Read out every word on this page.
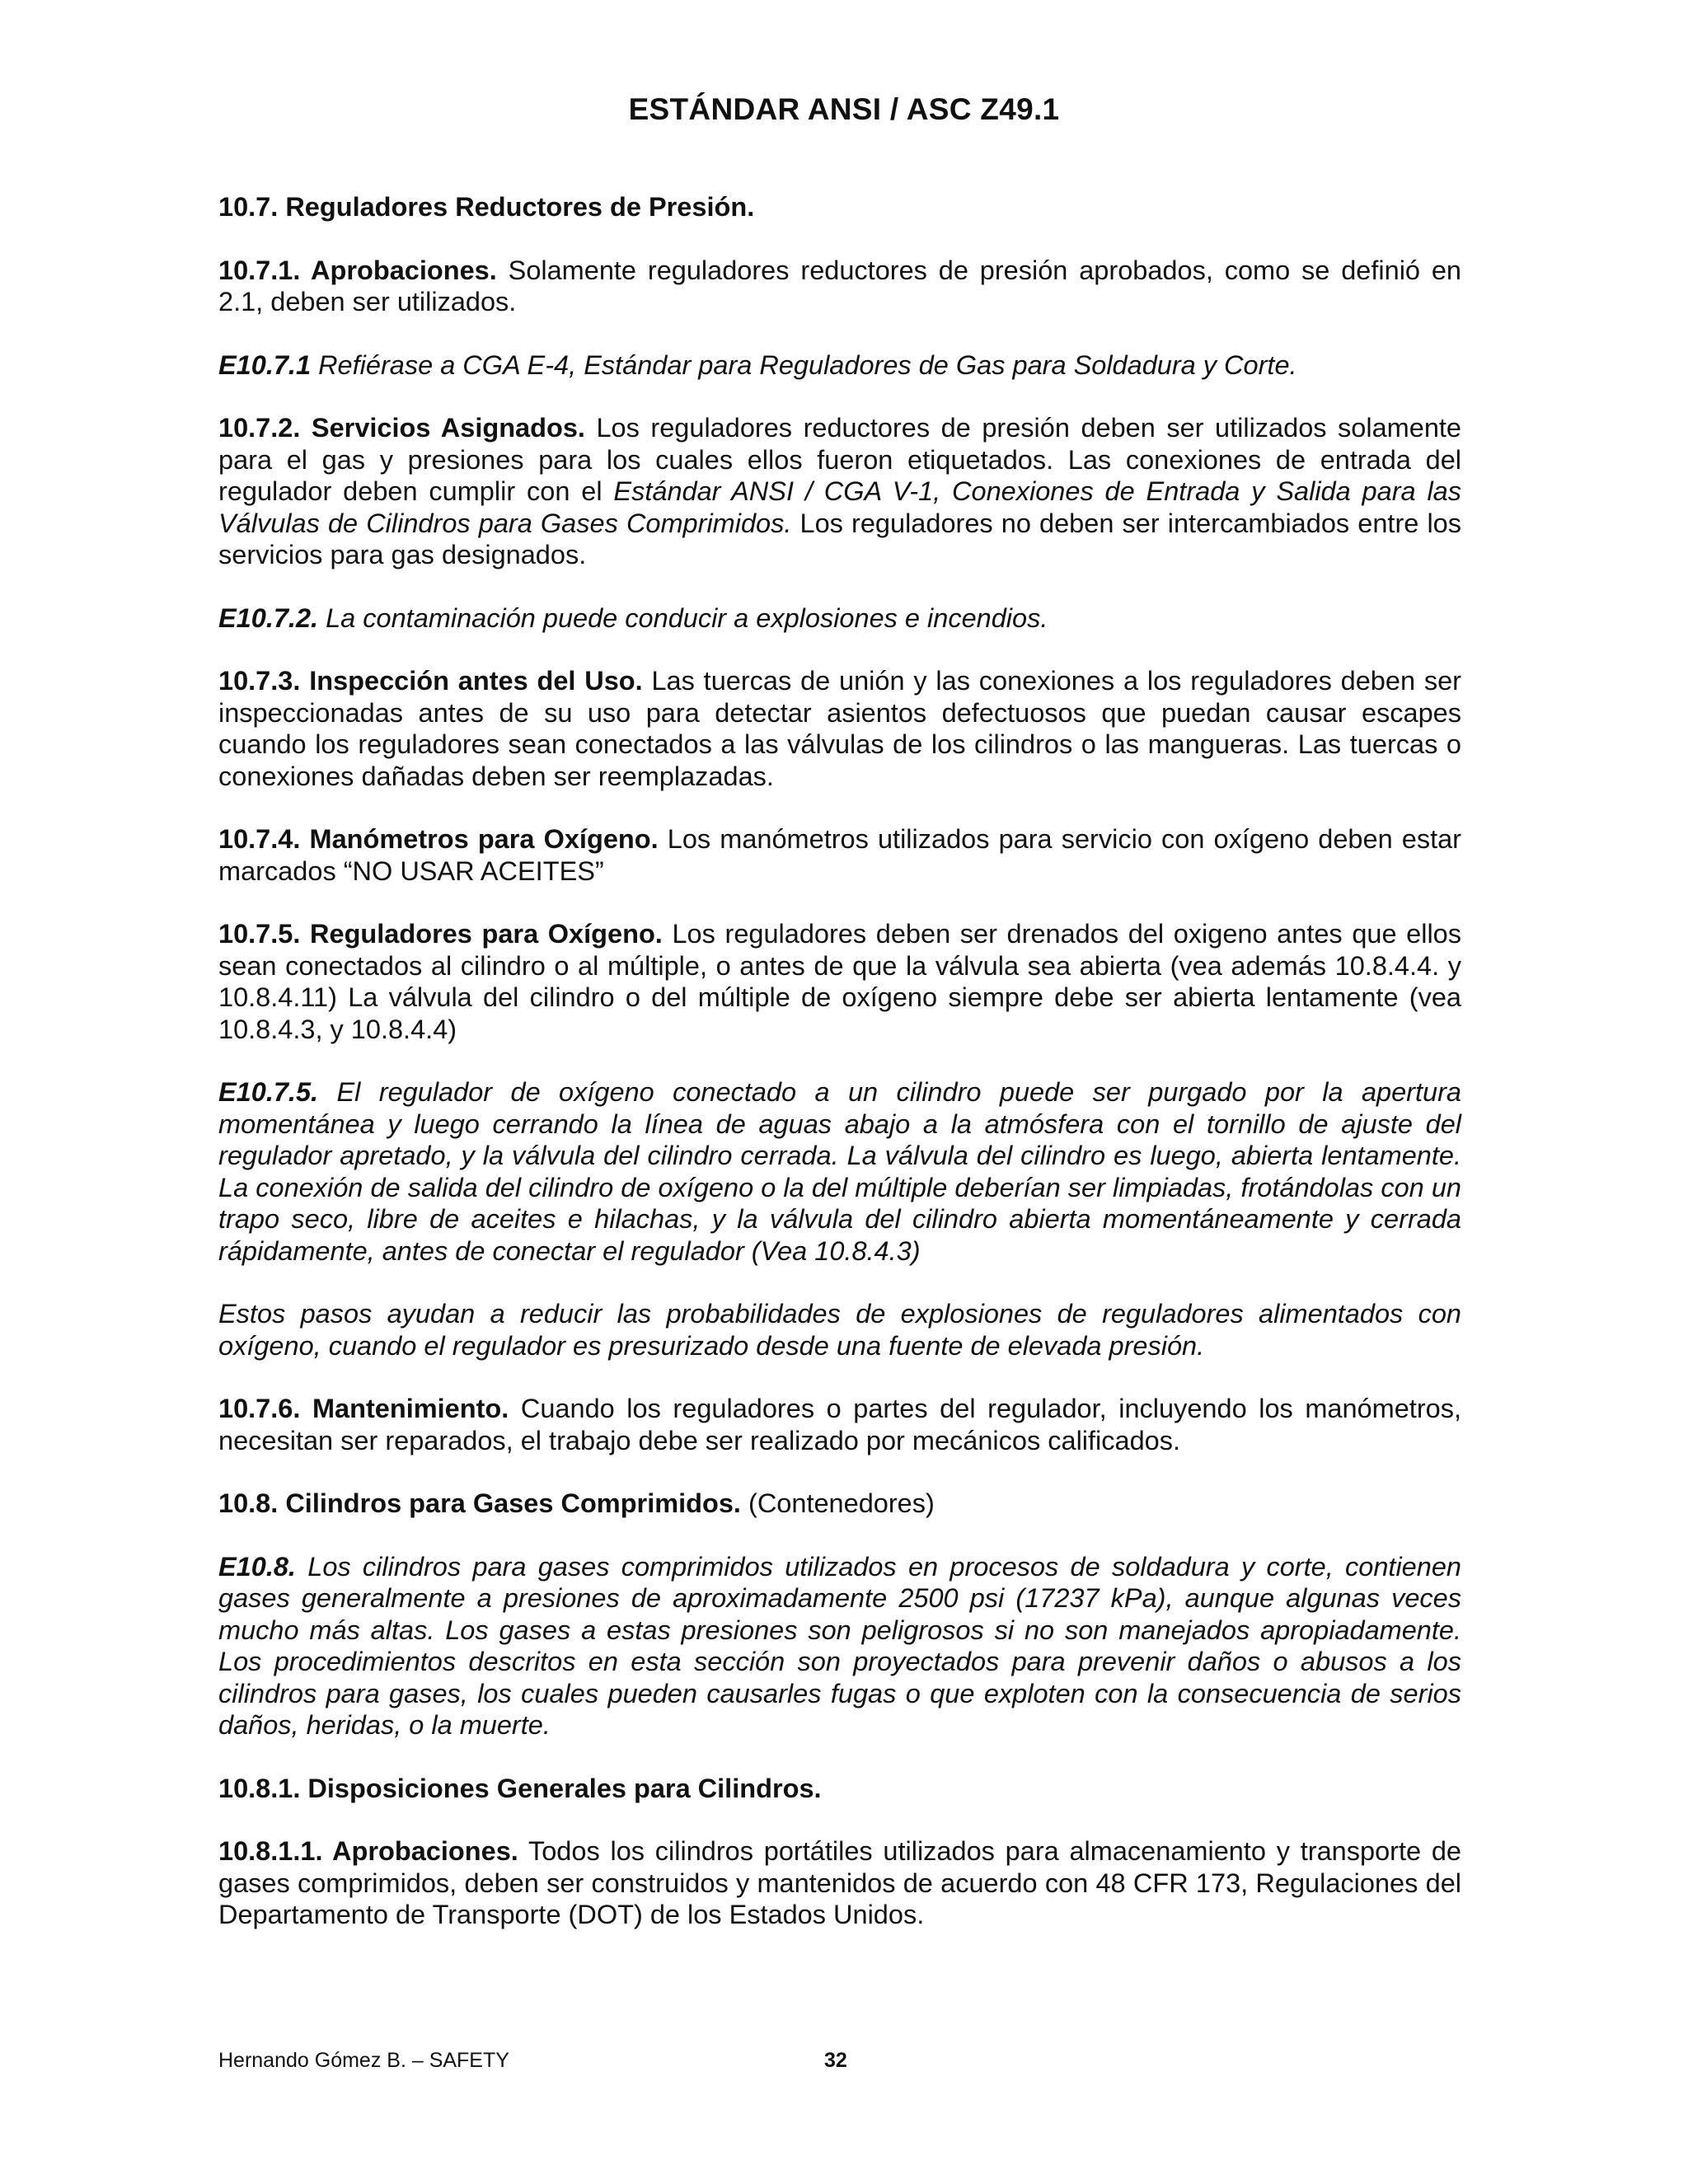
ESTÁNDAR ANSI / ASC Z49.1

10.7. Reguladores Reductores de Presión.

10.7.1. Aprobaciones. Solamente reguladores reductores de presión aprobados, como se definió en 2.1, deben ser utilizados.

E10.7.1 Refiérase a CGA E-4, Estándar para Reguladores de Gas para Soldadura y Corte.

10.7.2. Servicios Asignados. Los reguladores reductores de presión deben ser utilizados solamente para el gas y presiones para los cuales ellos fueron etiquetados. Las conexiones de entrada del regulador deben cumplir con el Estándar ANSI / CGA V-1, Conexiones de Entrada y Salida para las Válvulas de Cilindros para Gases Comprimidos. Los reguladores no deben ser intercambiados entre los servicios para gas designados.

E10.7.2. La contaminación puede conducir a explosiones e incendios.

10.7.3. Inspección antes del Uso. Las tuercas de unión y las conexiones a los reguladores deben ser inspeccionadas antes de su uso para detectar asientos defectuosos que puedan causar escapes cuando los reguladores sean conectados a las válvulas de los cilindros o las mangueras. Las tuercas o conexiones dañadas deben ser reemplazadas.

10.7.4. Manómetros para Oxígeno. Los manómetros utilizados para servicio con oxígeno deben estar marcados “NO USAR ACEITES”

10.7.5. Reguladores para Oxígeno. Los reguladores deben ser drenados del oxigeno antes que ellos sean conectados al cilindro o al múltiple, o antes de que la válvula sea abierta (vea además 10.8.4.4. y 10.8.4.11) La válvula del cilindro o del múltiple de oxígeno siempre debe ser abierta lentamente (vea 10.8.4.3, y 10.8.4.4)

E10.7.5. El regulador de oxígeno conectado a un cilindro puede ser purgado por la apertura momentánea y luego cerrando la línea de aguas abajo a la atmósfera con el tornillo de ajuste del regulador apretado, y la válvula del cilindro cerrada. La válvula del cilindro es luego, abierta lentamente. La conexión de salida del cilindro de oxígeno o la del múltiple deberían ser limpiadas, frotándolas con un trapo seco, libre de aceites e hilachas, y la válvula del cilindro abierta momentáneamente y cerrada rápidamente, antes de conectar el regulador (Vea 10.8.4.3)

Estos pasos ayudan a reducir las probabilidades de explosiones de reguladores alimentados con oxígeno, cuando el regulador es presurizado desde una fuente de elevada presión.

10.7.6. Mantenimiento. Cuando los reguladores o partes del regulador, incluyendo los manómetros, necesitan ser reparados, el trabajo debe ser realizado por mecánicos calificados.

10.8. Cilindros para Gases Comprimidos. (Contenedores)

E10.8. Los cilindros para gases comprimidos utilizados en procesos de soldadura y corte, contienen gases generalmente a presiones de aproximadamente 2500 psi (17237 kPa), aunque algunas veces mucho más altas. Los gases a estas presiones son peligrosos si no son manejados apropiadamente. Los procedimientos descritos en esta sección son proyectados para prevenir daños o abusos a los cilindros para gases, los cuales pueden causarles fugas o que exploten con la consecuencia de serios daños, heridas, o la muerte.

10.8.1. Disposiciones Generales para Cilindros.

10.8.1.1. Aprobaciones. Todos los cilindros portátiles utilizados para almacenamiento y transporte de gases comprimidos, deben ser construidos y mantenidos de acuerdo con 48 CFR 173, Regulaciones del Departamento de Transporte (DOT) de los Estados Unidos.

Hernando Gómez B. – SAFETY	32
